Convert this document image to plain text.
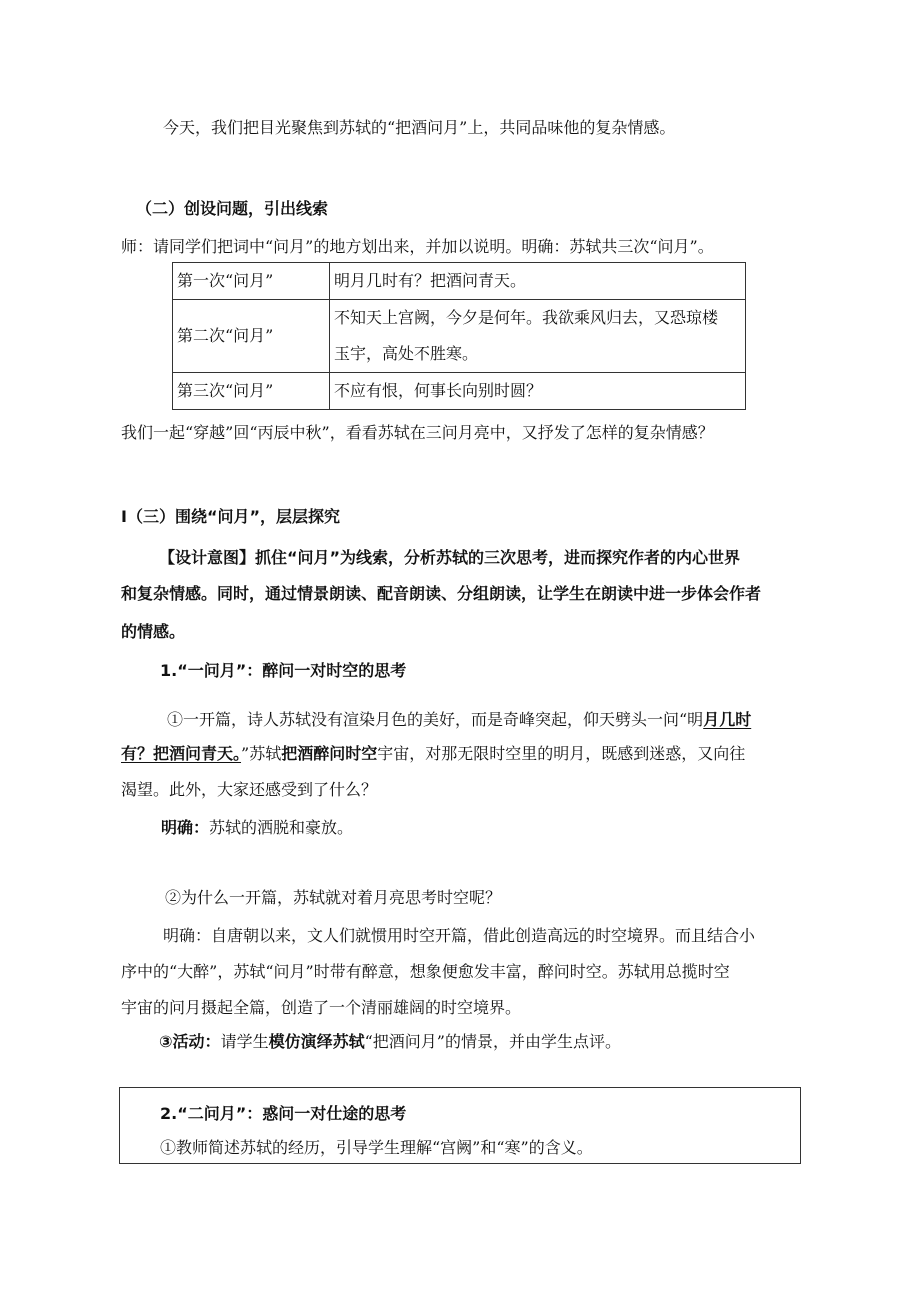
今天，我们把目光聚焦到苏轼的“把酒问月”上，共同品味他的复杂情感。
（二）创设问题，引出线索
师：请同学们把词中“问月”的地方划出来，并加以说明。明确：苏轼共三次“问月”。
第一次“问月”	明月几时有？把酒问青天。
第二次“问月”	不知天上宫阙，今夕是何年。我欲乘风归去，又恐琼楼
玉宇，高处不胜寒。

第三次“问月”	不应有恨，何事长向别时圆？
我们一起“穿越”回“丙辰中秋”，看看苏轼在三问月亮中，又抒发了怎样的复杂情感？
I（三）围绕“问月”，层层探究
【设计意图】抓住“问月”为线索，分析苏轼的三次思考，进而探究作者的内心世界
和复杂情感。同时，通过情景朗读、配音朗读、分组朗读，让学生在朗读中进一步体会作者
的情感。
1.“一问月”：醉问一对时空的思考
①一开篇，诗人苏轼没有渲染月色的美好，而是奇峰突起，仰天劈头一问“明月几时
有？把酒问青天。”苏轼把酒醉问时空宇宙，对那无限时空里的明月，既感到迷惑，又向往
渴望。此外，大家还感受到了什么？
明确：苏轼的洒脱和豪放。
②为什么一开篇，苏轼就对着月亮思考时空呢？
明确：自唐朝以来，文人们就惯用时空开篇，借此创造高远的时空境界。而且结合小
序中的“大醉”，苏轼“问月”时带有醉意，想象便愈发丰富，醉问时空。苏轼用总揽时空
宇宙的问月摄起全篇，创造了一个清丽雄阔的时空境界。
③活动：请学生模仿演绎苏轼“把酒问月”的情景，并由学生点评。
2.“二问月”：惑问一对仕途的思考
①教师简述苏轼的经历，引导学生理解“宫阙”和“寒”的含义。
